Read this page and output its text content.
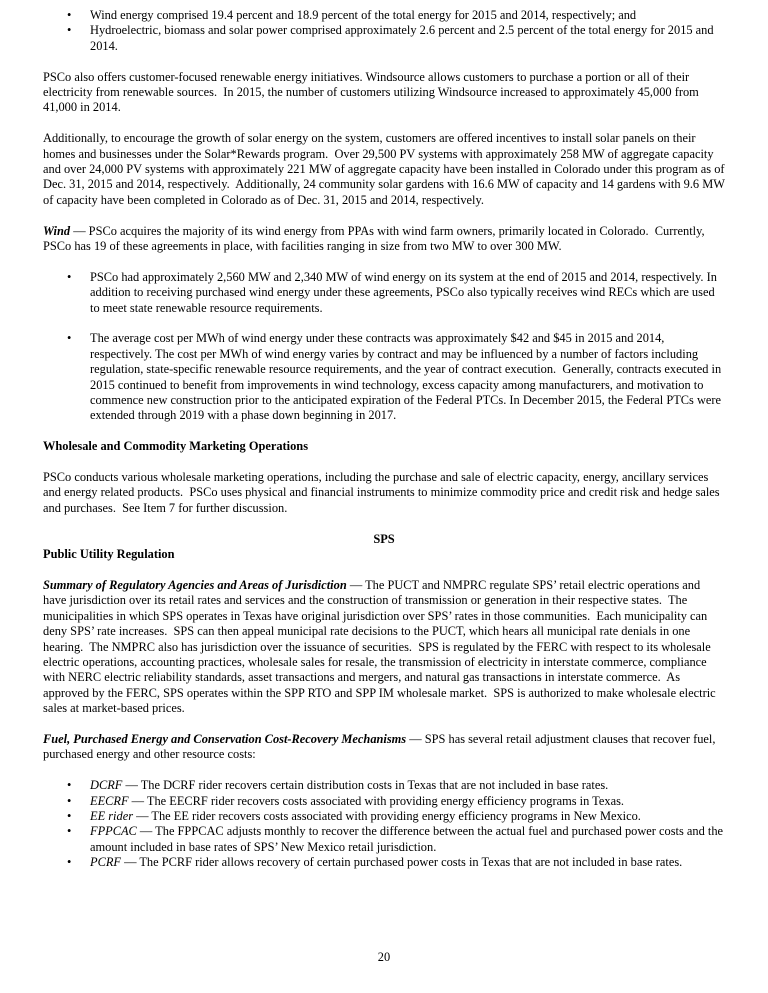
• Wind energy comprised 19.4 percent and 18.9 percent of the total energy for 2015 and 2014, respectively; and
• Hydroelectric, biomass and solar power comprised approximately 2.6 percent and 2.5 percent of the total energy for 2015 and 2014.
PSCo also offers customer-focused renewable energy initiatives. Windsource allows customers to purchase a portion or all of their electricity from renewable sources.  In 2015, the number of customers utilizing Windsource increased to approximately 45,000 from 41,000 in 2014.
Additionally, to encourage the growth of solar energy on the system, customers are offered incentives to install solar panels on their homes and businesses under the Solar*Rewards program.  Over 29,500 PV systems with approximately 258 MW of aggregate capacity and over 24,000 PV systems with approximately 221 MW of aggregate capacity have been installed in Colorado under this program as of Dec. 31, 2015 and 2014, respectively.  Additionally, 24 community solar gardens with 16.6 MW of capacity and 14 gardens with 9.6 MW of capacity have been completed in Colorado as of Dec. 31, 2015 and 2014, respectively.
Wind — PSCo acquires the majority of its wind energy from PPAs with wind farm owners, primarily located in Colorado.  Currently, PSCo has 19 of these agreements in place, with facilities ranging in size from two MW to over 300 MW.
• PSCo had approximately 2,560 MW and 2,340 MW of wind energy on its system at the end of 2015 and 2014, respectively. In addition to receiving purchased wind energy under these agreements, PSCo also typically receives wind RECs which are used to meet state renewable resource requirements.
• The average cost per MWh of wind energy under these contracts was approximately $42 and $45 in 2015 and 2014, respectively. The cost per MWh of wind energy varies by contract and may be influenced by a number of factors including regulation, state-specific renewable resource requirements, and the year of contract execution.  Generally, contracts executed in 2015 continued to benefit from improvements in wind technology, excess capacity among manufacturers, and motivation to commence new construction prior to the anticipated expiration of the Federal PTCs. In December 2015, the Federal PTCs were extended through 2019 with a phase down beginning in 2017.
Wholesale and Commodity Marketing Operations
PSCo conducts various wholesale marketing operations, including the purchase and sale of electric capacity, energy, ancillary services and energy related products.  PSCo uses physical and financial instruments to minimize commodity price and credit risk and hedge sales and purchases.  See Item 7 for further discussion.
SPS
Public Utility Regulation
Summary of Regulatory Agencies and Areas of Jurisdiction — The PUCT and NMPRC regulate SPS’ retail electric operations and have jurisdiction over its retail rates and services and the construction of transmission or generation in their respective states.  The municipalities in which SPS operates in Texas have original jurisdiction over SPS’ rates in those communities.  Each municipality can deny SPS’ rate increases.  SPS can then appeal municipal rate decisions to the PUCT, which hears all municipal rate denials in one hearing.  The NMPRC also has jurisdiction over the issuance of securities.  SPS is regulated by the FERC with respect to its wholesale electric operations, accounting practices, wholesale sales for resale, the transmission of electricity in interstate commerce, compliance with NERC electric reliability standards, asset transactions and mergers, and natural gas transactions in interstate commerce.  As approved by the FERC, SPS operates within the SPP RTO and SPP IM wholesale market.  SPS is authorized to make wholesale electric sales at market-based prices.
Fuel, Purchased Energy and Conservation Cost-Recovery Mechanisms — SPS has several retail adjustment clauses that recover fuel, purchased energy and other resource costs:
• DCRF — The DCRF rider recovers certain distribution costs in Texas that are not included in base rates.
• EECRF — The EECRF rider recovers costs associated with providing energy efficiency programs in Texas.
• EE rider — The EE rider recovers costs associated with providing energy efficiency programs in New Mexico.
• FPPCAC — The FPPCAC adjusts monthly to recover the difference between the actual fuel and purchased power costs and the amount included in base rates of SPS’ New Mexico retail jurisdiction.
• PCRF — The PCRF rider allows recovery of certain purchased power costs in Texas that are not included in base rates.
20
